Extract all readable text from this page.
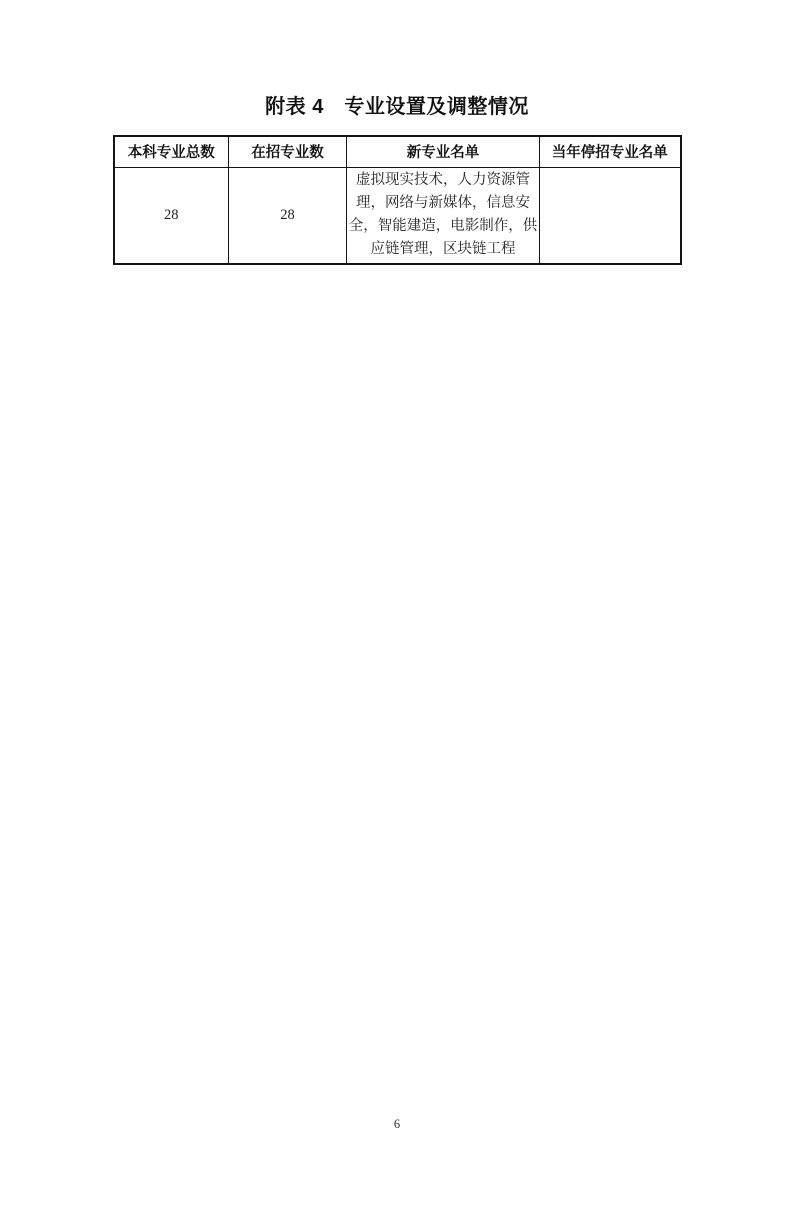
附表 4　专业设置及调整情况
本科专业总数	在招专业数	新专业名单	当年停招专业名单
28	28	虚拟现实技术，人力资源管理，网络与新媒体，信息安全，智能建造，电影制作，供应链管理，区块链工程	
6
